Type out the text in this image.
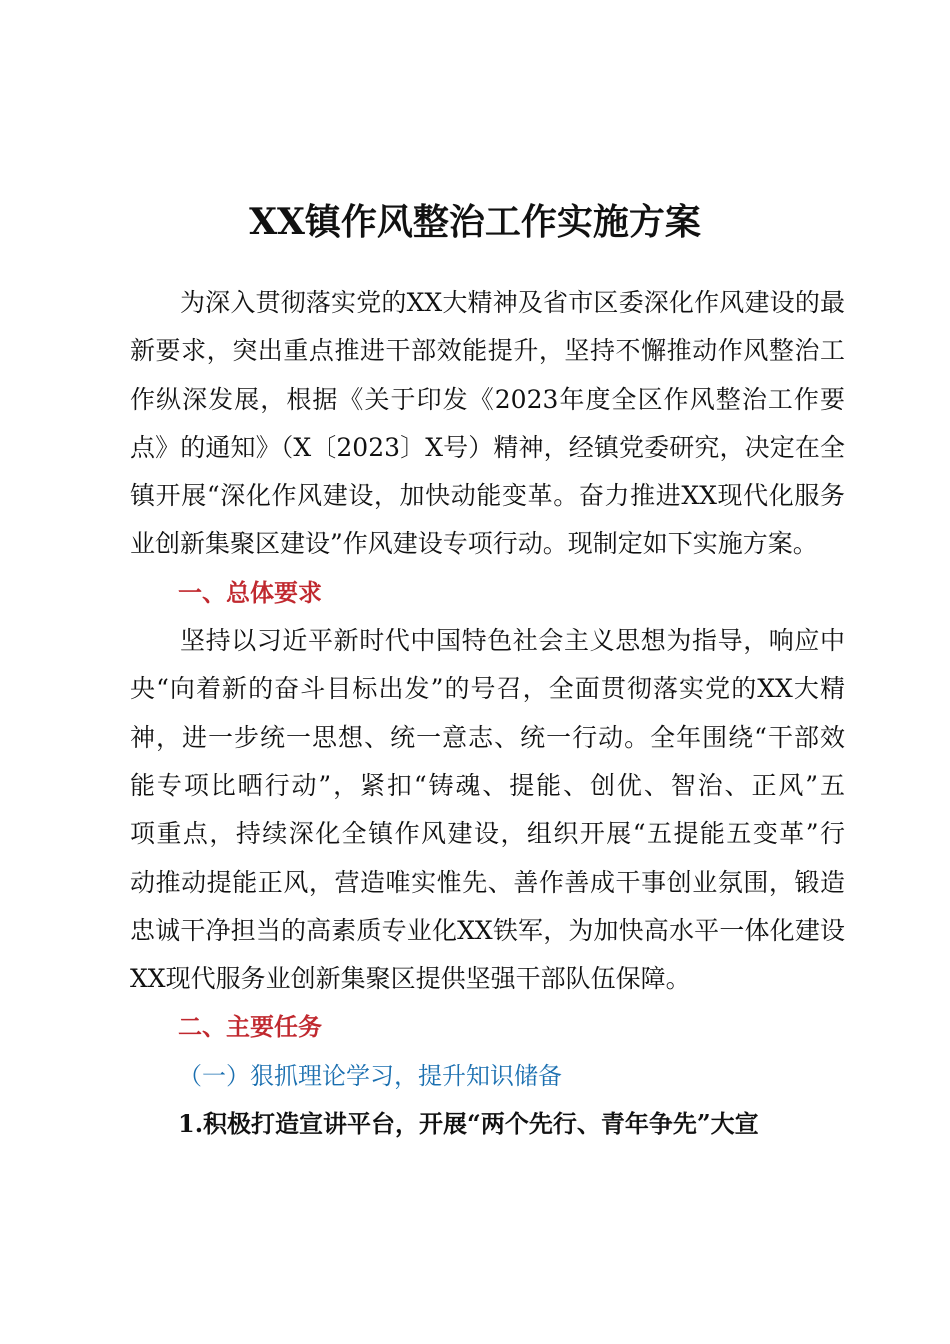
XX镇作风整治工作实施方案
为深入贯彻落实党的XX大精神及省市区委深化作风建设的最
新要求，突出重点推进干部效能提升，坚持不懈推动作风整治工
作纵深发展，根据《关于印发《2023年度全区作风整治工作要
点》的通知》（X〔2023〕X号）精神，经镇党委研究，决定在全
镇开展“深化作风建设，加快动能变革。奋力推进XX现代化服务
业创新集聚区建设”作风建设专项行动。现制定如下实施方案。
一、总体要求
坚持以习近平新时代中国特色社会主义思想为指导，响应中
央“向着新的奋斗目标出发”的号召，全面贯彻落实党的XX大精
神，进一步统一思想、统一意志、统一行动。全年围绕“干部效
能专项比晒行动”，紧扣“铸魂、提能、创优、智治、正风”五
项重点，持续深化全镇作风建设，组织开展“五提能五变革”行
动推动提能正风，营造唯实惟先、善作善成干事创业氛围，锻造
忠诚干净担当的高素质专业化XX铁军，为加快高水平一体化建设
XX现代服务业创新集聚区提供坚强干部队伍保障。
二、主要任务
（一）狠抓理论学习，提升知识储备
1.积极打造宣讲平台，开展“两个先行、青年争先”大宣
